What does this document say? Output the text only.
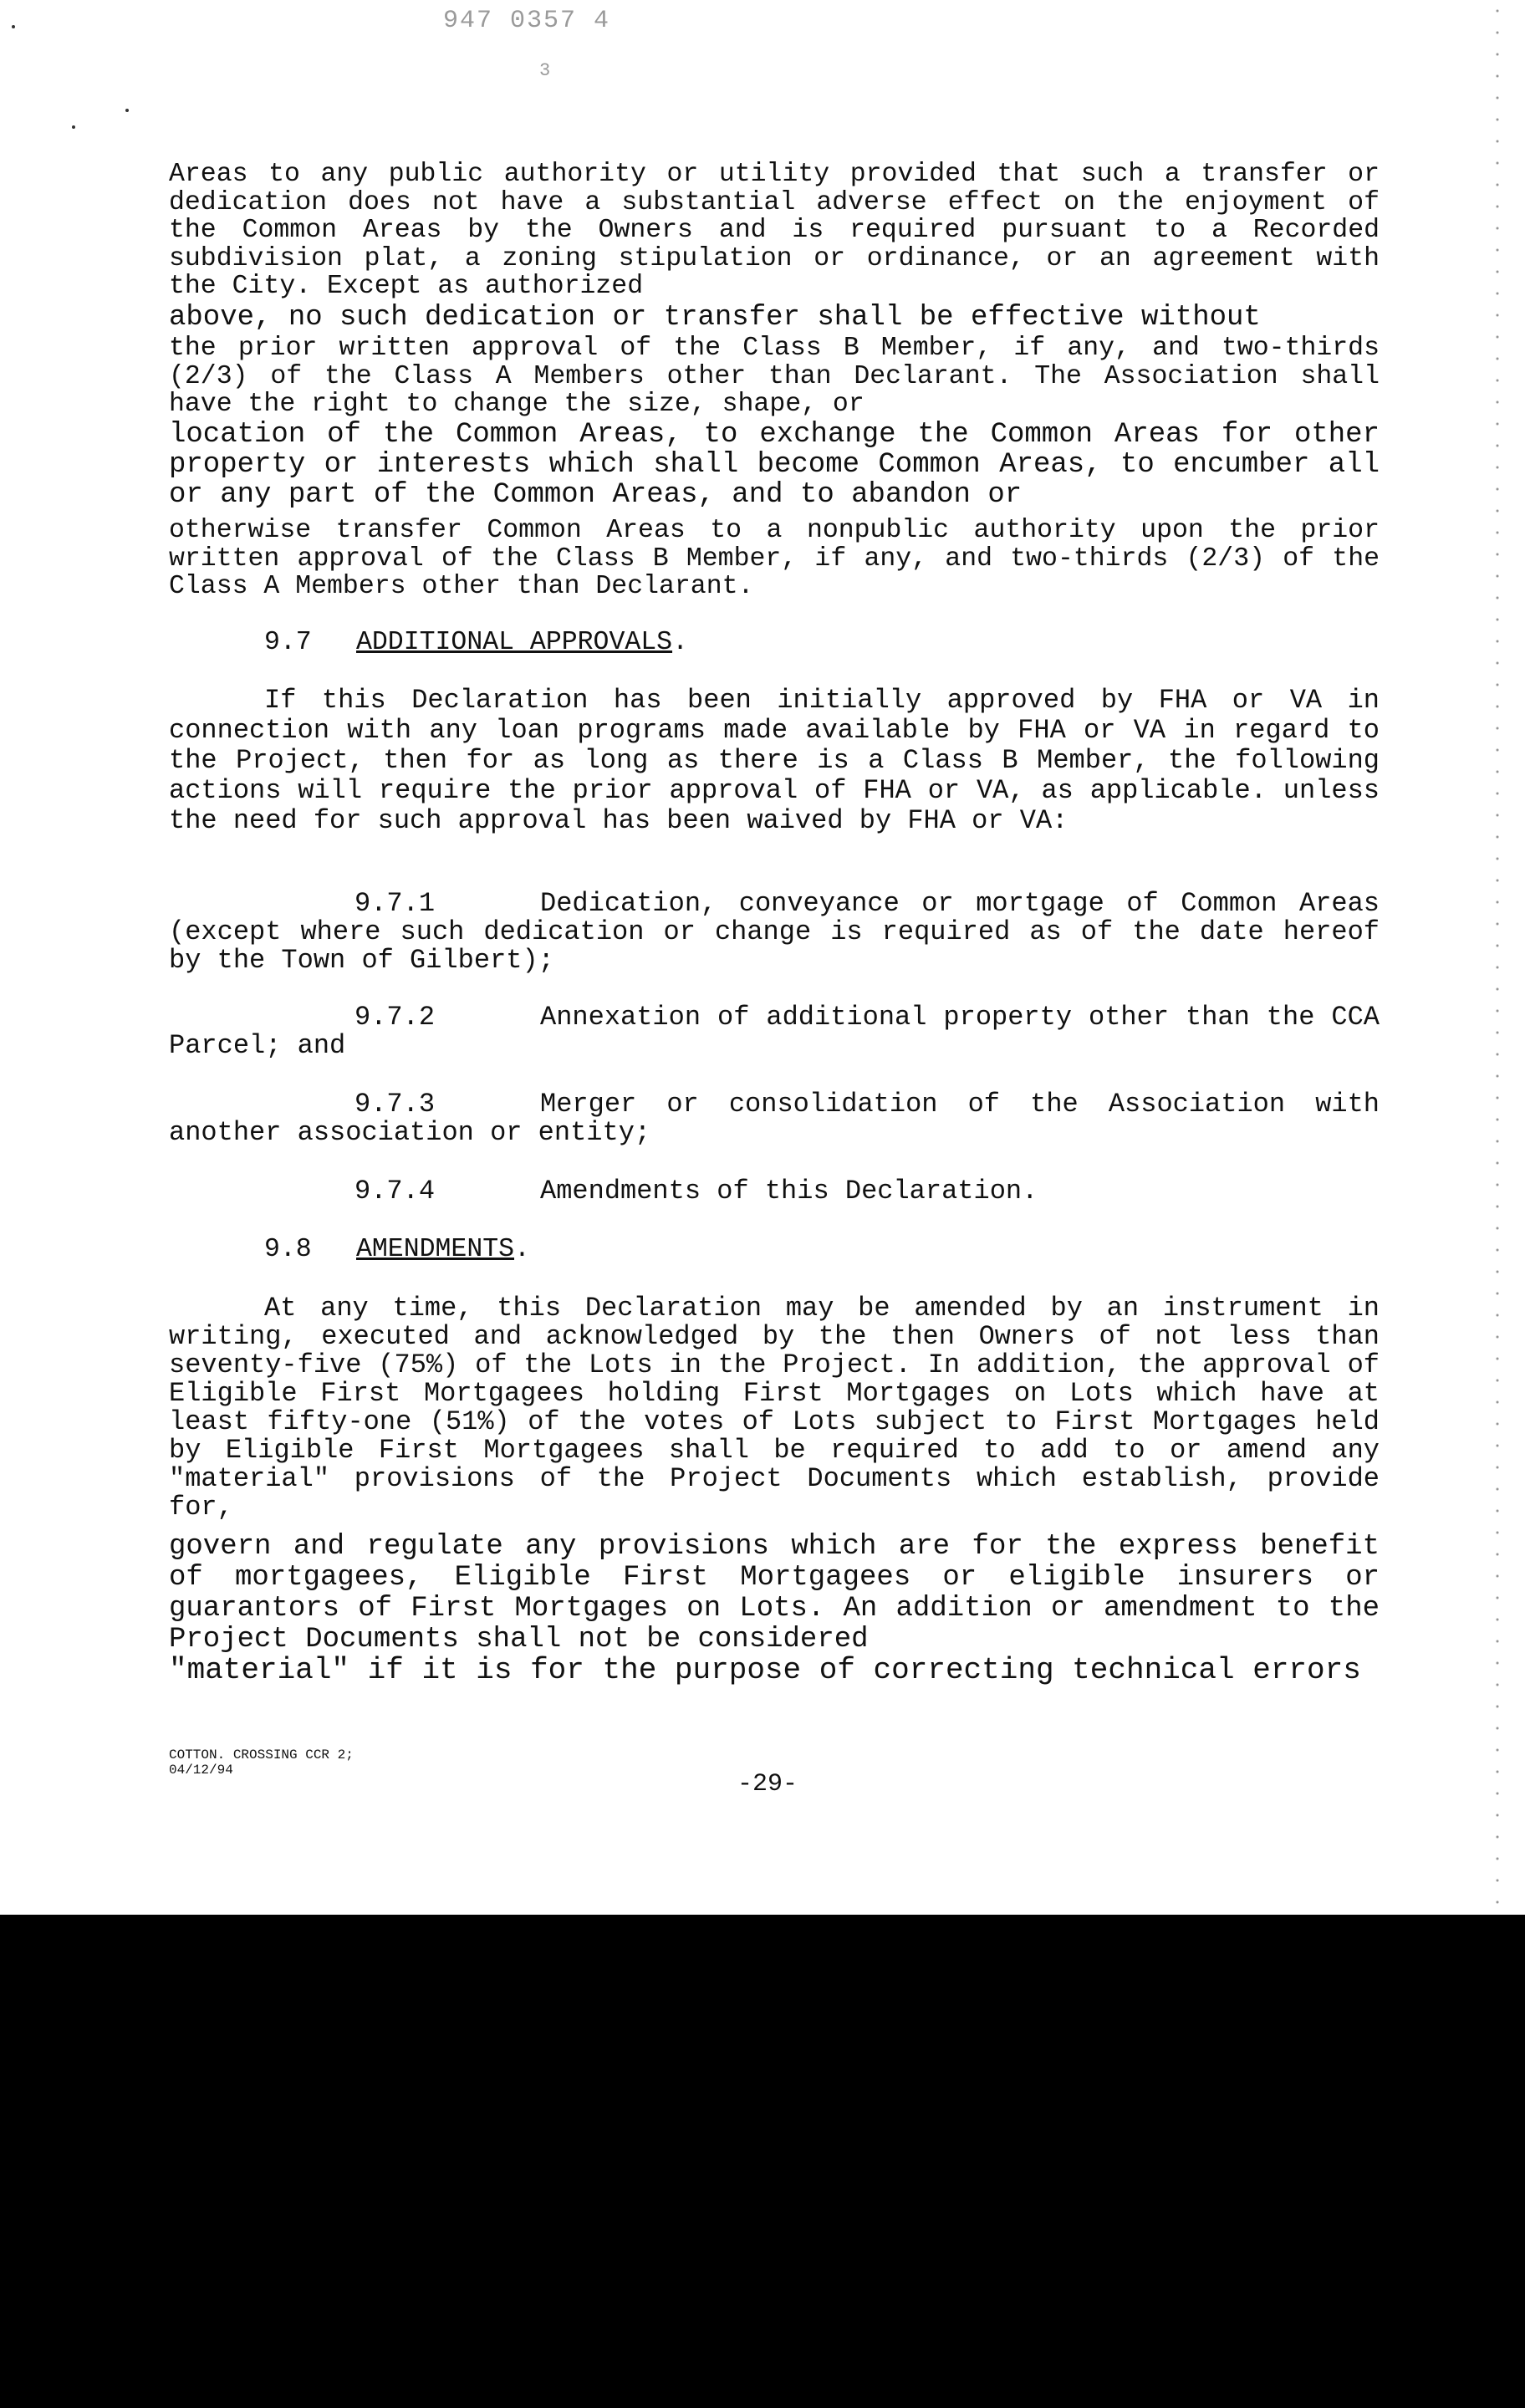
947 0357 4
3
Areas to any public authority or utility provided that such a transfer or dedication does not have a substantial adverse effect on the enjoyment of the Common Areas by the Owners and is required pursuant to a Recorded subdivision plat, a zoning stipulation or ordinance, or an agreement with the City. Except as authorized
above, no such dedication or transfer shall be effective without
the prior written approval of the Class B Member, if any, and two-thirds (2/3) of the Class A Members other than Declarant. The Association shall have the right to change the size, shape, or
location of the Common Areas, to exchange the Common Areas for other property or interests which shall become Common Areas, to encumber all or any part of the Common Areas, and to abandon or
otherwise transfer Common Areas to a nonpublic authority upon the prior written approval of the Class B Member, if any, and two-thirds (2/3) of the Class A Members other than Declarant.
9.7 ADDITIONAL APPROVALS.
If this Declaration has been initially approved by FHA or VA in connection with any loan programs made available by FHA or VA in regard to the Project, then for as long as there is a Class B Member, the following actions will require the prior approval of FHA or VA, as applicable. unless the need for such approval has been waived by FHA or VA:
9.7.1	Dedication, conveyance or mortgage of Common Areas (except where such dedication or change is required as of the date hereof by the Town of Gilbert);
9.7.2	Annexation of additional property other than the CCA Parcel; and
9.7.3	Merger or consolidation of the Association with another association or entity;
9.7.4	Amendments of this Declaration.
9.8 AMENDMENTS.
At any time, this Declaration may be amended by an instrument in writing, executed and acknowledged by the then Owners of not less than seventy-five (75%) of the Lots in the Project. In addition, the approval of Eligible First Mortgagees holding First Mortgages on Lots which have at least fifty-one (51%) of the votes of Lots subject to First Mortgages held by Eligible First Mortgagees shall be required to add to or amend any "material" provisions of the Project Documents which establish, provide for,
govern and regulate any provisions which are for the express benefit of mortgagees, Eligible First Mortgagees or eligible insurers or guarantors of First Mortgages on Lots. An addition or amendment to the Project Documents shall not be considered
"material" if it is for the purpose of correcting technical errors
COTTON. CROSSING CCR 2;
04/12/94	-29-
